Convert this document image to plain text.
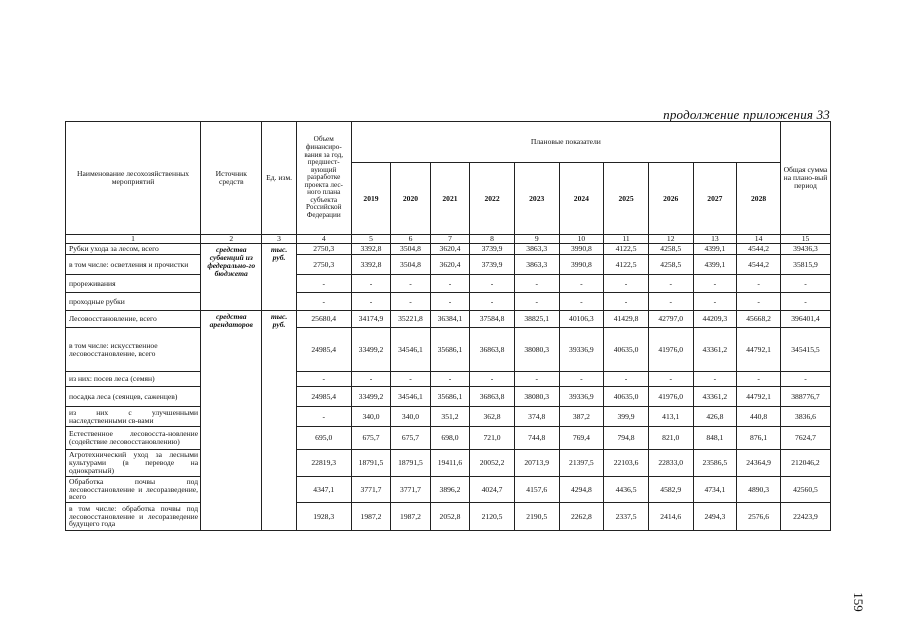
продолжение приложения 33
Наименование лесохозяйственных мероприятий	Источник средств	Ед. изм.	Объем финансиро-вания за год, предшест-вующий разработке проекта лес-ного плана субъекта Российской Федерации	Плановые показатели										Общая сумма на плано-вый период
				2019	2020	2021	2022	2023	2024	2025	2026	2027	2028	
1	2	3	4	5	6	7	8	9	10	11	12	13	14	15
Рубки ухода за лесом, всего	средства субвенций из федерально-го бюджета	тыс. руб.	2750,3	3392,8	3504,8	3620,4	3739,9	3863,3	3990,8	4122,5	4258,5	4399,1	4544,2	39436,3
в том числе: осветления и прочистки			2750,3	3392,8	3504,8	3620,4	3739,9	3863,3	3990,8	4122,5	4258,5	4399,1	4544,2	35815,9
прореживания			-	-	-	-	-	-	-	-	-	-	-	-
проходные рубки			-	-	-	-	-	-	-	-	-	-	-	-
Лесовосстановление, всего	средства арендаторов	тыс. руб.	25680,4	34174,9	35221,8	36384,1	37584,8	38825,1	40106,3	41429,8	42797,0	44209,3	45668,2	396401,4
в том числе: искусственное лесовосстановление, всего			24985,4	33499,2	34546,1	35686,1	36863,8	38080,3	39336,9	40635,0	41976,0	43361,2	44792,1	345415,5
из них: посев леса (семян)			-	-	-	-	-	-	-	-	-	-	-	-
посадка леса (сеянцев, саженцев)			24985,4	33499,2	34546,1	35686,1	36863,8	38080,3	39336,9	40635,0	41976,0	43361,2	44792,1	388776,7
из них с улучшенными наследственными св-вами			-	340,0	340,0	351,2	362,8	374,8	387,2	399,9	413,1	426,8	440,8	3836,6
Естественное лесовосста-новление (содействие лесовосстановлению)			695,0	675,7	675,7	698,0	721,0	744,8	769,4	794,8	821,0	848,1	876,1	7624,7
Агротехнический уход за лесными культурами (в переводе на однократный)			22819,3	18791,5	18791,5	19411,6	20052,2	20713,9	21397,5	22103,6	22833,0	23586,5	24364,9	212046,2
Обработка почвы под лесовосстановление и лесоразведение, всего			4347,1	3771,7	3771,7	3896,2	4024,7	4157,6	4294,8	4436,5	4582,9	4734,1	4890,3	42560,5
в том числе: обработка почвы под лесовосстановление и лесоразведение будущего года			1928,3	1987,2	1987,2	2052,8	2120,5	2190,5	2262,8	2337,5	2414,6	2494,3	2576,6	22423,9
159
